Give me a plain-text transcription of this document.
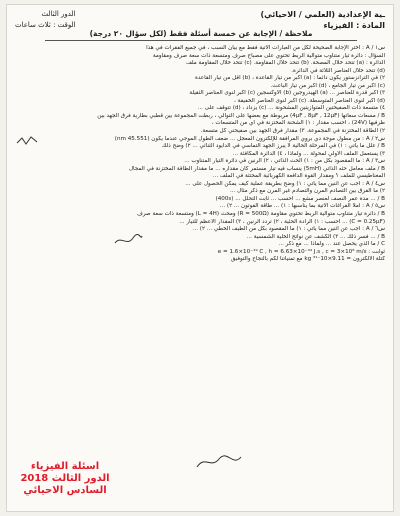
ـية الإعدادية (العلمي / الاحيائي)
المادة : الفيزياء
الدور الثالث
الوقت : ثلاث ساعات
ملاحظة / الإجابة عن خمسة أسئلة فقط (لكل سؤال ٢٠ درجة)
س١ / A : اختر الإجابة الصحيحة لكل من العبارات الآتية فقط مع بيان السبب ، في جميع الفقرات في هذا
السؤال : دائرة تيار متناوب متوالية الربط تحتوي على مصباح صرف ومتسعة ذات سعة صرف ومقاومة
الدائرة : (a) تتحد خلال المصحة. (b) تتحد خلال المقاومة. (c) تتحد خلال المقاومة ملف
(d) تتحد خلال العناصر الثلاثة في الدائرة.
٢) في الترانزستور يكون دائماً : (a) أكبر من تيار القاعدة ، (b) أقل من تيار القاعدة
(c) أكبر من تيار الجامع ، (d) أكبر من تيار الباعث.
٣) أكبر قدرة للعناصر ... (a) الهيدروجين (b) الأوكسجين (c) أكبر لنوى العناصر الثقيلة
(d) أكبر لنوى العناصر المتوسطة. (c) أكبر لنوى العناصر الخفيفة ،
٤) متسعة ذات الصفيحتين المتوازيتين المشحونة ... (c) يزداد ، (d) تتوقف على ...
B / مسعات سعاتها (4μF , 8μF , 12μF) مربوطة مع بعضها على التوالي ، ربطت المجموعة بين قطبي بطارية فرق الجهد بين
طرفيها (24V) ، احسب مقدار : ١) الشحنة المختزنة في أي من المتسعات ،
٢) الطاقة المختزنة في المجموعة. ٣) مقدار فرق الجهد بين صفيحتي كل متسعة.
س٢ / A : من مطول موجة دي بروي المرافقة للإلكترون المعجل ... ضعف الطول الموجي عندما يكون (45.551 nm)
B / علل ما يأتي : ١) في المرحلة الحالية لا يبرز الجهد التماسي في الدايود الثنائي ... ٢) وضح ذلك
٣) يستعمل الملف الأولي لمحولة ... ولماذا ، ٤) الدائرة المكافئة ...
س٣ / A : ما المقصود بكل من : ١) الحث الذاتي ، ٢) الرنين في دائرة التيار المتناوب ...
B / ملف معامل حثه الذاتي (5mH) ينساب فيه تيار مستمر كان مقداره ... ما مقدار الطاقة المختزنة في المجال
المغناطيسي للملف ؟ ومقدار القوة الدافعة الكهربائية المحتثة في الملف ...
س٤ / A : أجب عن اثنين مما يأتي : ١) وضح بطريقة عملية كيف يمكن الحصول على ...
٢) ما الفرق بين التصادم المرن والتصادم غير المرن مع ذكر مثال ...
B / ... مدة عمر النصف لعنصر مشع ... احسب ... ثابت التحلل ... (400s)
س٥ / A : املأ الفراغات الآتية بما يناسبها : ١) ... طاقة الفوتون ... ٢) ...
B / دائرة تيار متناوب متوالية الربط تحتوي مقاومة (R = 500Ω) ومحث (L = 4H) ومتسعة ذات سعة صرف
(C = 0.25μF) ... احسب : ١) الرادة الحثية ، ٢) تردد الرنين ، ٣) المقدار الأعظم للتيار ...
س٦ / A : أجب عن اثنين مما يأتي : ١) ما المقصود بكل من الطيف الخطي ... ٢) ...
B / ... فسر ذلك ... ٣) الكشف عن نواتج الخلية الشمسية ...
C / ما الذي يحصل عند ... ولماذا ... مع ذكر ...
ثوابت : e = 1.6×10⁻¹⁹ C , h = 6.63×10⁻³⁴ J.s , c = 3×10⁸ m/s
كتلة الالكترون = 9.11×10⁻³¹ kg مع تمنياتنا لكم بالنجاح والتوفيق
اسئلة الفيزياء
الدور الثالث 2018
السادس الاحيائي
